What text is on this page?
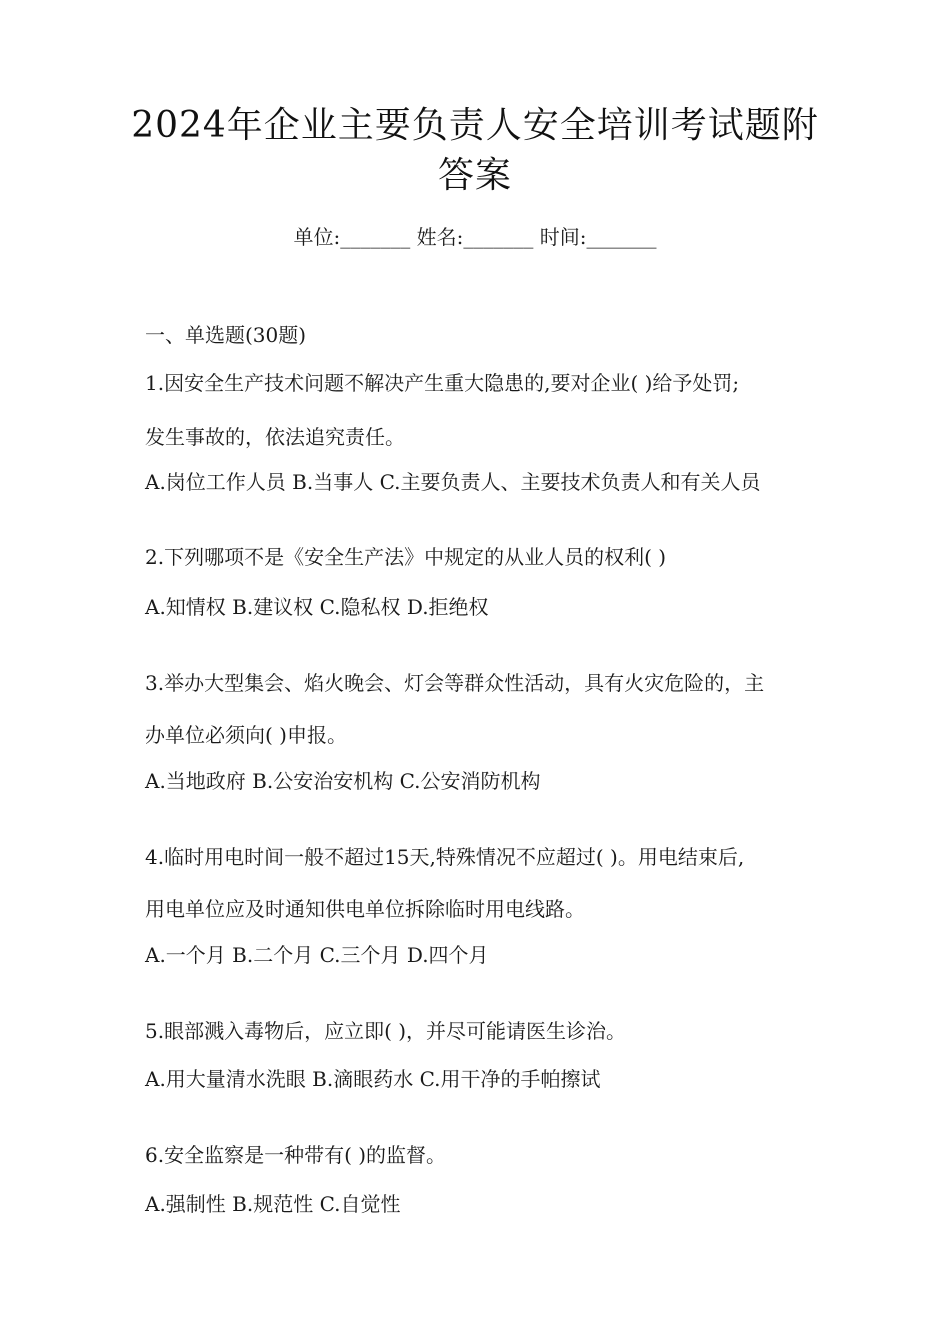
2024年企业主要负责人安全培训考试题附
答案
单位:_______ 姓名:_______ 时间:_______
一、单选题(30题)
1.因安全生产技术问题不解决产生重大隐患的,要对企业( )给予处罚;
发生事故的，依法追究责任。
A.岗位工作人员 B.当事人 C.主要负责人、主要技术负责人和有关人员
2.下列哪项不是《安全生产法》中规定的从业人员的权利( )
A.知情权 B.建议权 C.隐私权 D.拒绝权
3.举办大型集会、焰火晚会、灯会等群众性活动，具有火灾危险的，主
办单位必须向( )申报。
A.当地政府 B.公安治安机构 C.公安消防机构
4.临时用电时间一般不超过15天,特殊情况不应超过( )。用电结束后,
用电单位应及时通知供电单位拆除临时用电线路。
A.一个月 B.二个月 C.三个月 D.四个月
5.眼部溅入毒物后，应立即( )，并尽可能请医生诊治。
A.用大量清水洗眼 B.滴眼药水 C.用干净的手帕擦试
6.安全监察是一种带有( )的监督。
A.强制性 B.规范性 C.自觉性
